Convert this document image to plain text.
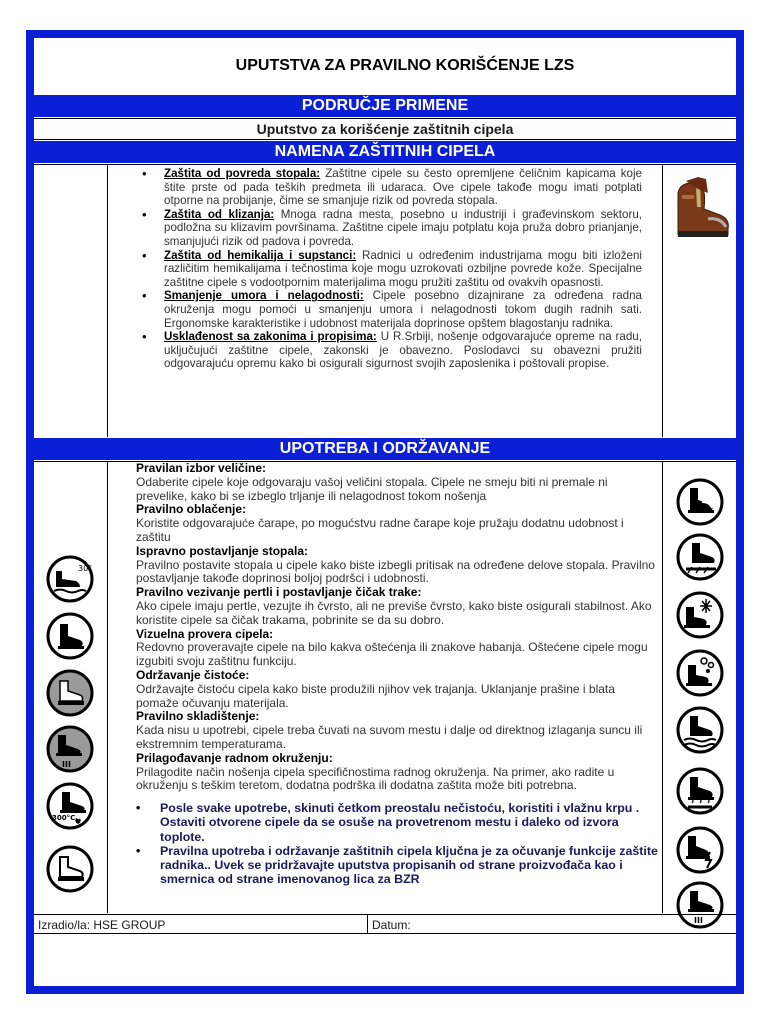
UPUTSTVA ZA PRAVILNO KORIŠĆENJE LZS
PODRUČJE PRIMENE
Uputstvo za korišćenje zaštitnih cipela
NAMENA ZAŠTITNIH CIPELA
• Zaštita od povreda stopala: Zaštitne cipele su često opremljene čeličnim kapicama koje štite prste od pada teških predmeta ili udaraca. Ove cipele takođe mogu imati potplati otporne na probijanje, čime se smanjuje rizik od povreda stopala.
• Zaštita od klizanja: Mnoga radna mesta, posebno u industriji i građevinskom sektoru, podložna su klizavim površinama. Zaštitne cipele imaju potplatu koja pruža dobro prianjanje, smanjujući rizik od padova i povreda.
• Zaštita od hemikalija i supstanci: Radnici u određenim industrijama mogu biti izloženi različitim hemikalijama i tečnostima koje mogu uzrokovati ozbiljne povrede kože. Specijalne zaštitne cipele s vodootpornim materijalima mogu pružiti zaštitu od ovakvih opasnosti.
• Smanjenje umora i nelagodnosti: Cipele posebno dizajnirane za određena radna okruženja mogu pomoći u smanjenju umora i nelagodnosti tokom dugih radnih sati. Ergonomske karakteristike i udobnost materijala doprinose opštem blagostanju radnika.
• Usklađenost sa zakonima i propisima: U R.Srbiji, nošenje odgovarajuće opreme na radu, uključujući zaštitne cipele, zakonski je obavezno. Poslodavci su obavezni pružiti odgovarajuću opremu kako bi osigurali sigurnost svojih zaposlenika i poštovali propise.
UPOTREBA I ODRŽAVANJE
Pravilan izbor veličine:
Odaberite cipele koje odgovaraju vašoj veličini stopala. Cipele ne smeju biti ni premale ni prevelike, kako bi se izbeglo trljanje ili nelagodnost tokom nošenja
Pravilno oblačenje:
Koristite odgovarajuće čarape, po mogućstvu radne čarape koje pružaju dodatnu udobnost i zaštitu
Ispravno postavljanje stopala:
Pravilno postavite stopala u cipele kako biste izbegli pritisak na određene delove stopala. Pravilno postavljanje takođe doprinosi boljoj podršci i udobnosti.
Pravilno vezivanje pertli i postavljanje čičak trake:
Ako cipele imaju pertle, vezujte ih čvrsto, ali ne previše čvrsto, kako biste osigurali stabilnost. Ako koristite cipele sa čičak trakama, pobrinite se da su dobro.
Vizuelna provera cipela:
Redovno proveravajte cipele na bilo kakva oštećenja ili znakove habanja. Oštećene cipele mogu izgubiti svoju zaštitnu funkciju.
Održavanje čistoće:
Održavajte čistoću cipela kako biste produžili njihov vek trajanja. Uklanjanje prašine i blata pomaže očuvanju materijala.
Pravilno skladištenje:
Kada nisu u upotrebi, cipele treba čuvati na suvom mestu i dalje od direktnog izlaganja suncu ili ekstremnim temperaturama.
Prilagođavanje radnom okruženju:
Prilagodite način nošenja cipela specifičnostima radnog okruženja. Na primer, ako radite u okruženju s teškim teretom, dodatna podrška ili dodatna zaštita može biti potrebna.
• Posle svake upotrebe, skinuti četkom preostalu nečistoću, koristiti i vlažnu krpu . Ostaviti otvorene cipele da se osuše na provetrenom mestu i daleko od izvora toplote.
• Pravilna upotreba i održavanje zaštitnih cipela ključna je za očuvanje funkcije zaštite radnika.. Uvek se pridržavajte uputstva propisanih od strane proizvođača kao i smernica od strane imenovanog lica za BZR
30°
III
300°C
III
Izradio/la: HSE GROUP	Datum:
